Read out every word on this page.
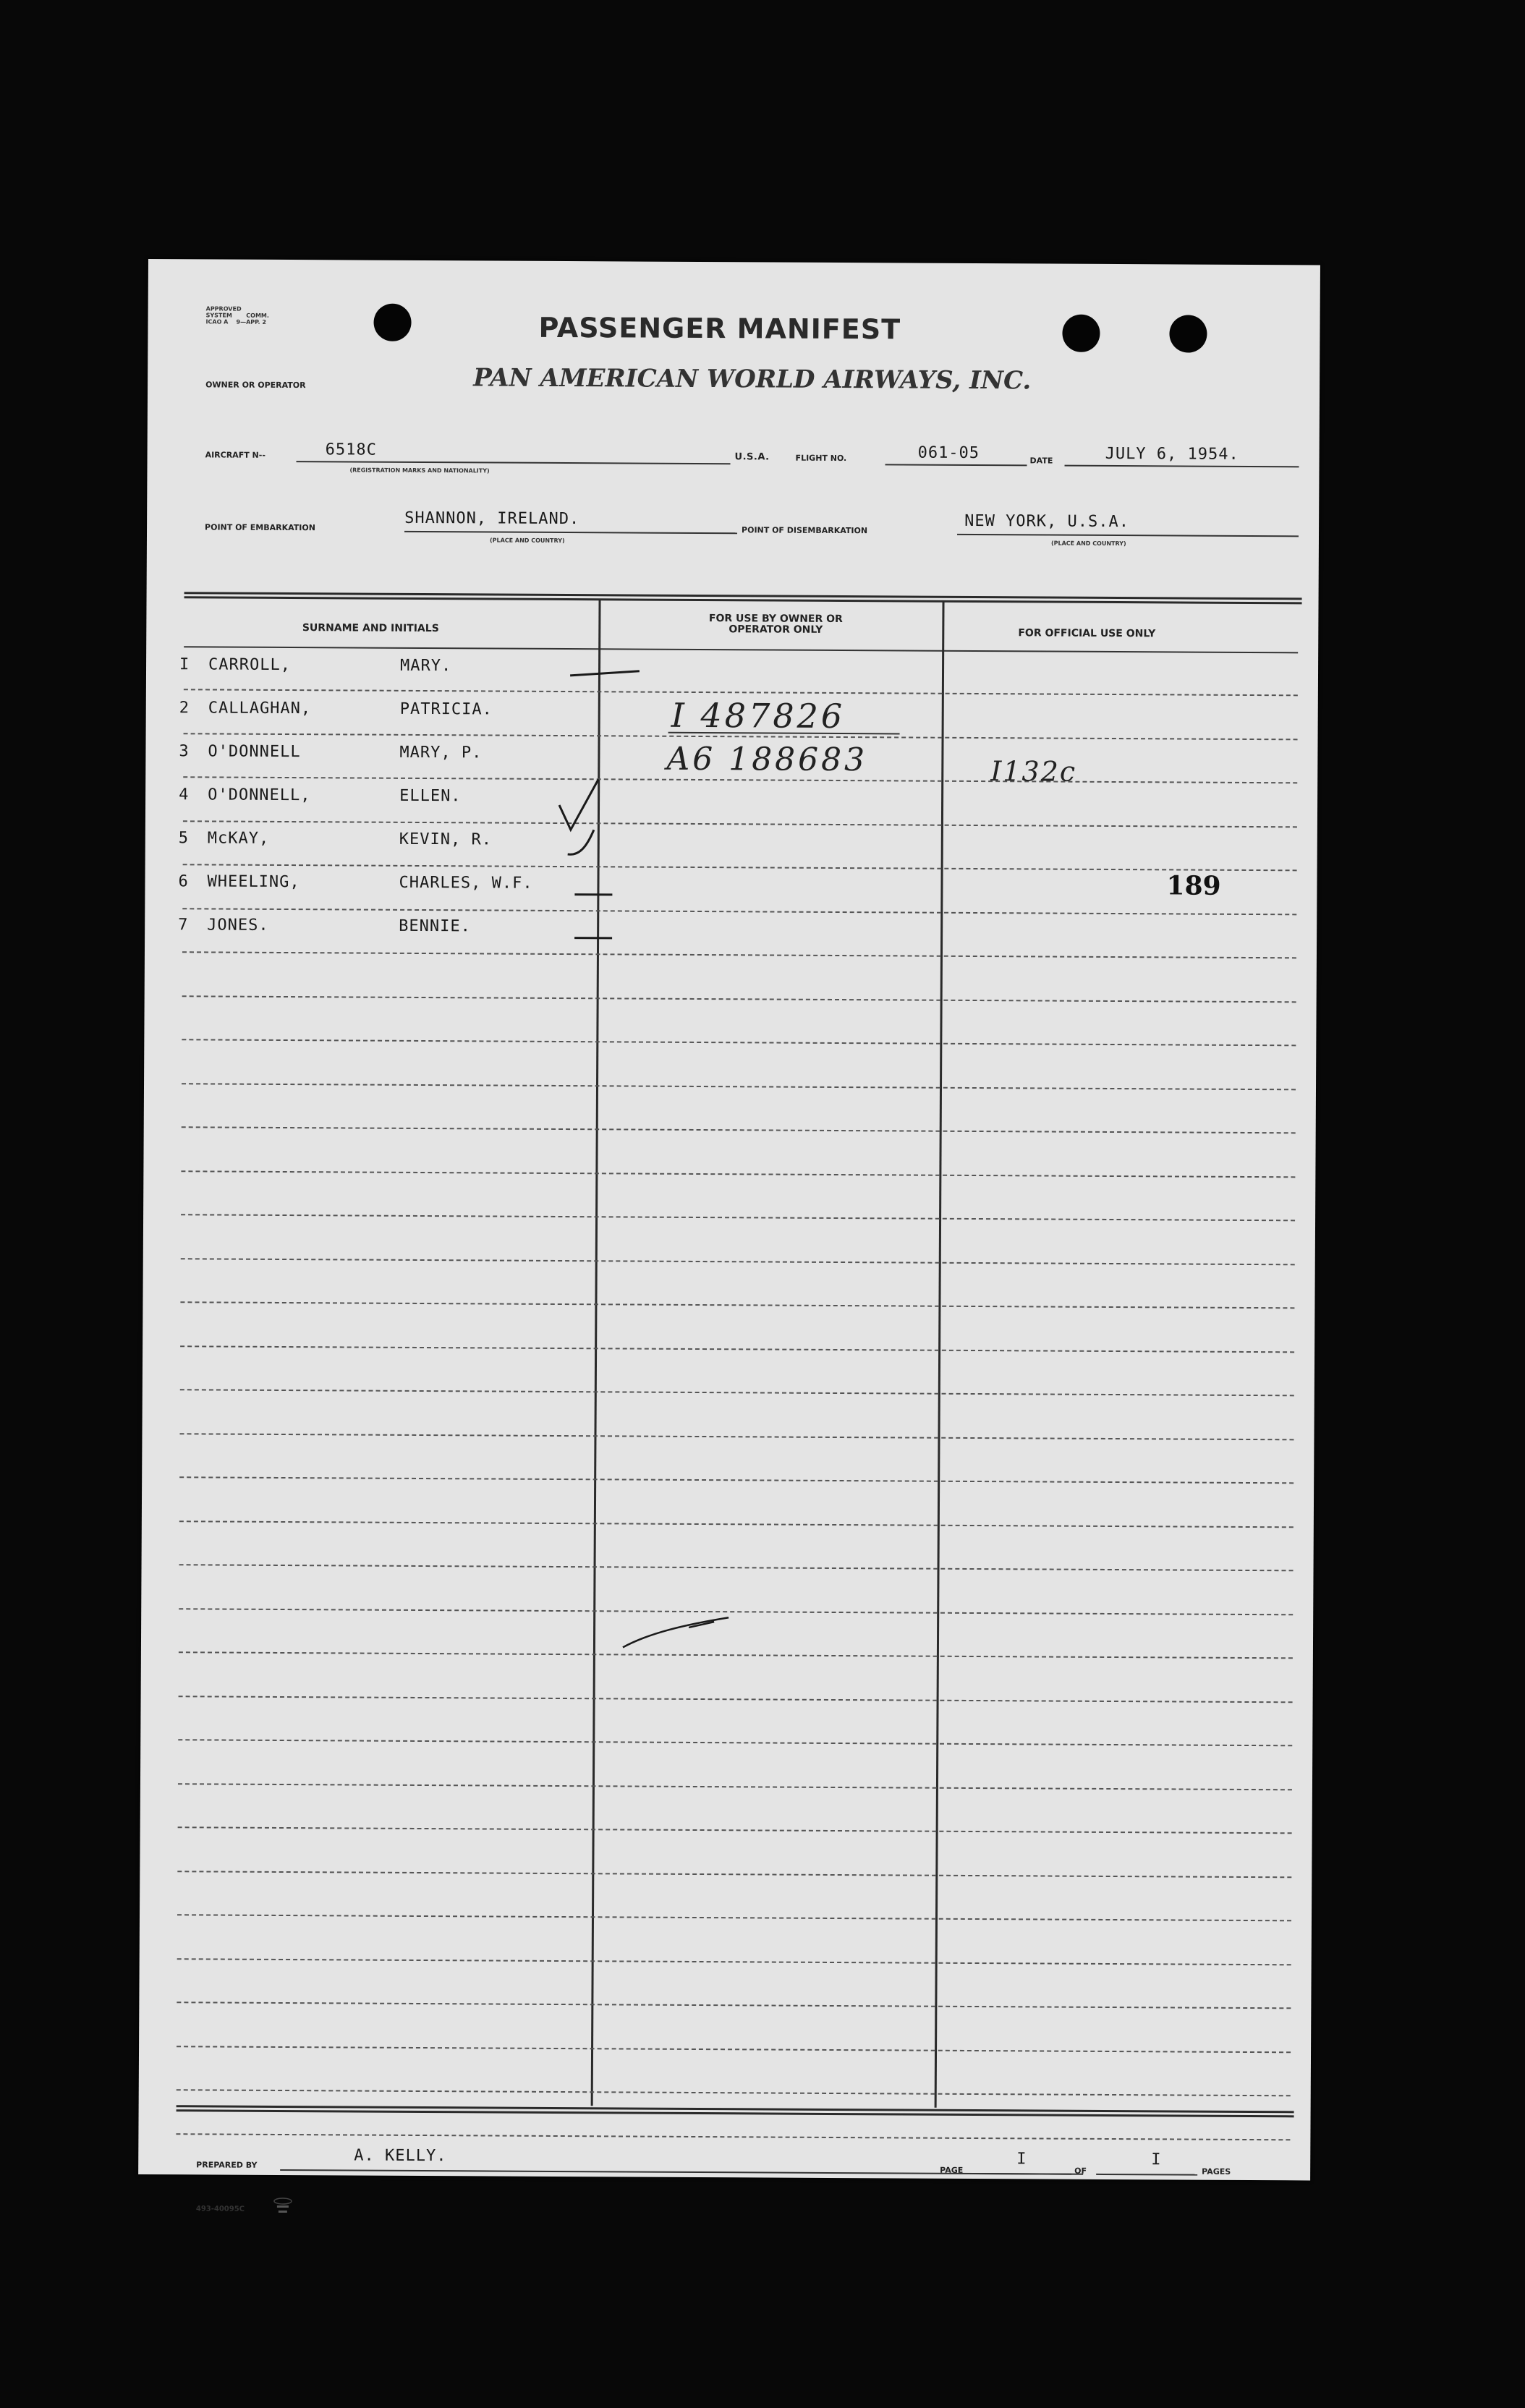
APPROVED
SYSTEM COMM.
ICAO A 9—APP. 2	PASSENGER MANIFEST
OWNER OR OPERATOR	PAN AMERICAN WORLD AIRWAYS, INC.
AIRCRAFT N--	6518C
(REGISTRATION MARKS AND NATIONALITY)
U.S.A.	FLIGHT NO.	061-05	DATE	JULY 6, 1954.
POINT OF EMBARKATION	SHANNON, IRELAND.
(PLACE AND COUNTRY)
POINT OF DISEMBARKATION	NEW YORK, U.S.A.
(PLACE AND COUNTRY)
SURNAME AND INITIALS
FOR USE BY OWNER OR OPERATOR ONLY	FOR OFFICIAL USE ONLY
I CARROLL,	MARY.
2 CALLAGHAN,	PATRICIA.
3 O'DONNELL	MARY, P.
4 O'DONNELL,	ELLEN.
5 McKAY,	KEVIN, R.
6 WHEELING,	CHARLES, W.F.
7 JONES.	BENNIE.
I 487826
A6 188683	I132c
189
PREPARED BY	A. KELLY.
PAGE
I
OF
I
PAGES
493-40095C
